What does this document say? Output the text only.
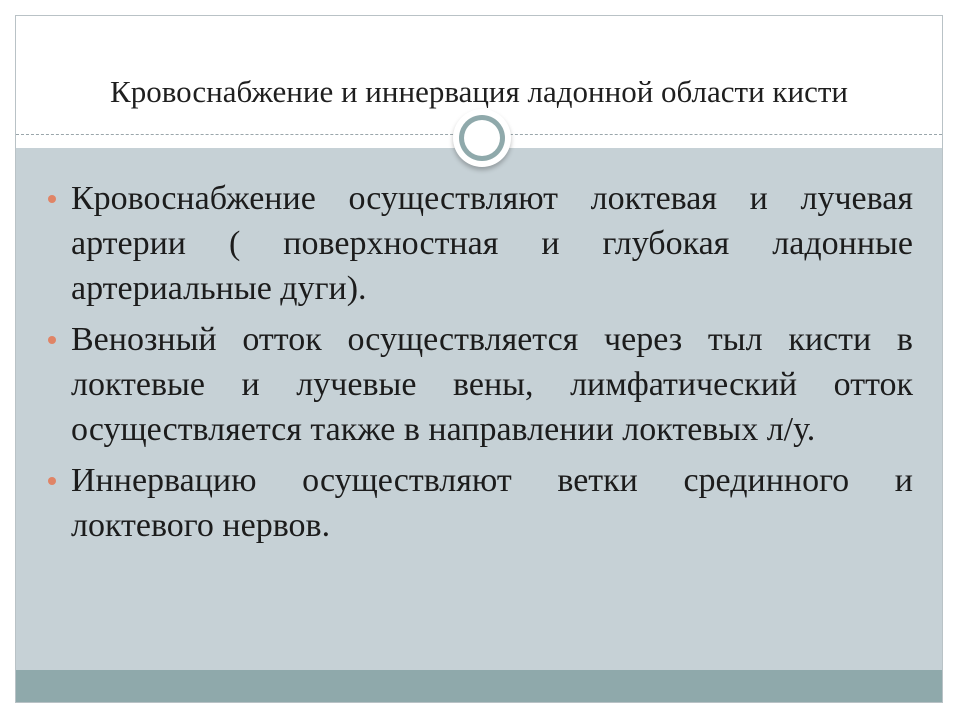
Кровоснабжение и иннервация ладонной области кисти
Кровоснабжение осуществляют локтевая и лучевая артерии ( поверхностная и глубокая ладонные артериальные дуги).
Венозный отток осуществляется через тыл кисти в локтевые и лучевые вены, лимфатический отток осуществляется также в направлении локтевых л/у.
Иннервацию осуществляют ветки срединного и локтевого нервов.
